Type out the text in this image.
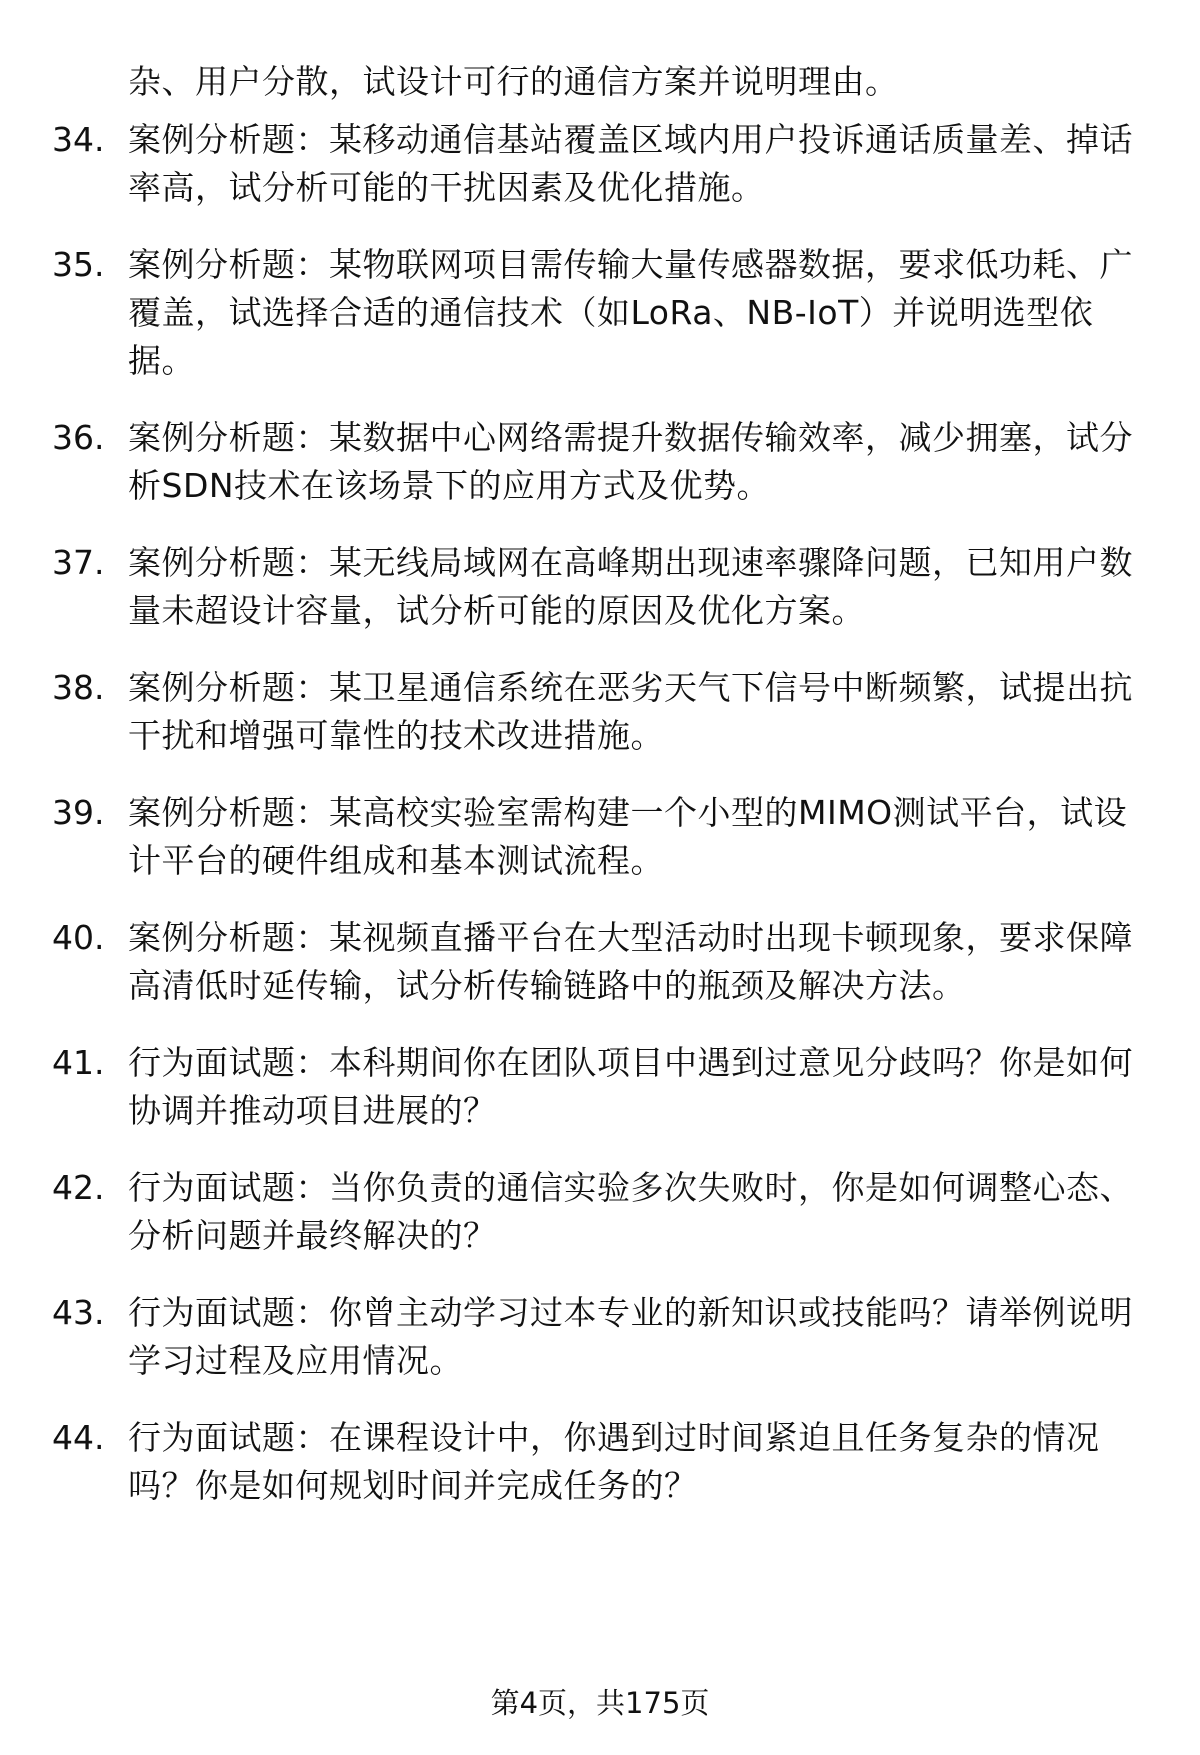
杂、用户分散，试设计可行的通信方案并说明理由。
34. 案例分析题：某移动通信基站覆盖区域内用户投诉通话质量差、掉话率高，试分析可能的干扰因素及优化措施。
35. 案例分析题：某物联网项目需传输大量传感器数据，要求低功耗、广覆盖，试选择合适的通信技术（如LoRa、NB-IoT）并说明选型依据。
36. 案例分析题：某数据中心网络需提升数据传输效率，减少拥塞，试分析SDN技术在该场景下的应用方式及优势。
37. 案例分析题：某无线局域网在高峰期出现速率骤降问题，已知用户数量未超设计容量，试分析可能的原因及优化方案。
38. 案例分析题：某卫星通信系统在恶劣天气下信号中断频繁，试提出抗干扰和增强可靠性的技术改进措施。
39. 案例分析题：某高校实验室需构建一个小型的MIMO测试平台，试设计平台的硬件组成和基本测试流程。
40. 案例分析题：某视频直播平台在大型活动时出现卡顿现象，要求保障高清低时延传输，试分析传输链路中的瓶颈及解决方法。
41. 行为面试题：本科期间你在团队项目中遇到过意见分歧吗？你是如何协调并推动项目进展的？
42. 行为面试题：当你负责的通信实验多次失败时，你是如何调整心态、分析问题并最终解决的？
43. 行为面试题：你曾主动学习过本专业的新知识或技能吗？请举例说明学习过程及应用情况。
44. 行为面试题：在课程设计中，你遇到过时间紧迫且任务复杂的情况吗？你是如何规划时间并完成任务的？
第4页，共175页
